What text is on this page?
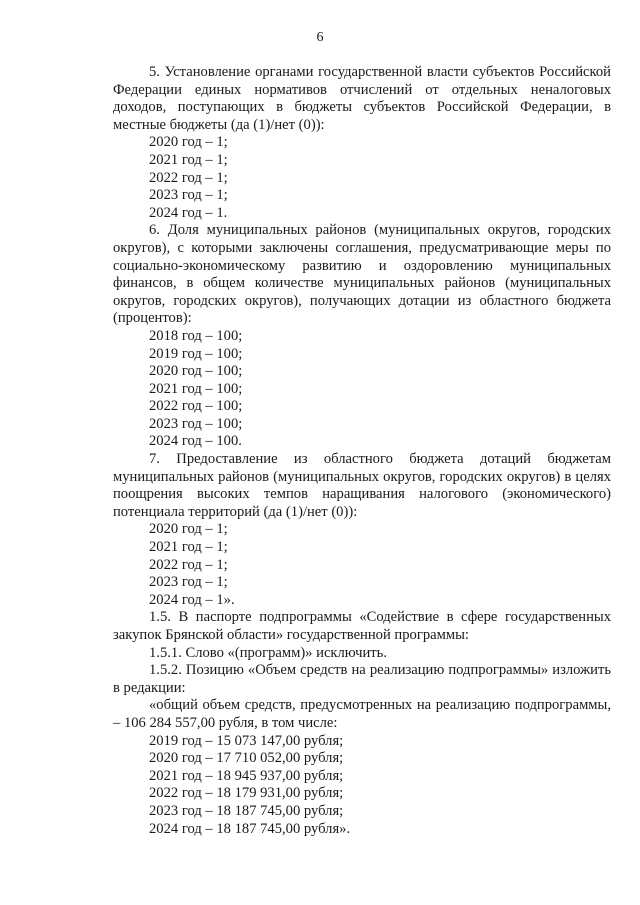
6

5. Установление органами государственной власти субъектов Российской Федерации единых нормативов отчислений от отдельных неналоговых доходов, поступающих в бюджеты субъектов Российской Федерации, в местные бюджеты (да (1)/нет (0)):

2020 год – 1;

2021 год – 1;

2022 год – 1;

2023 год – 1;

2024 год – 1.

6. Доля муниципальных районов (муниципальных округов, городских округов), с которыми заключены соглашения, предусматривающие меры по социально-экономическому развитию и оздоровлению муниципальных финансов, в общем количестве муниципальных районов (муниципальных округов, городских округов), получающих дотации из областного бюджета (процентов):

2018 год – 100;

2019 год – 100;

2020 год – 100;

2021 год – 100;

2022 год – 100;

2023 год – 100;

2024 год – 100.

7. Предоставление из областного бюджета дотаций бюджетам муниципальных районов (муниципальных округов, городских округов) в целях поощрения высоких темпов наращивания налогового (экономического) потенциала территорий (да (1)/нет (0)):

2020 год – 1;

2021 год – 1;

2022 год – 1;

2023 год – 1;

2024 год – 1».

1.5. В паспорте подпрограммы «Содействие в сфере государственных закупок Брянской области» государственной программы:

1.5.1. Слово «(программ)» исключить.

1.5.2. Позицию «Объем средств на реализацию подпрограммы» изложить в редакции:

«общий объем средств, предусмотренных на реализацию подпрограммы, – 106 284 557,00 рубля, в том числе:

2019 год – 15 073 147,00 рубля;

2020 год – 17 710 052,00 рубля;

2021 год – 18 945 937,00 рубля;

2022 год – 18 179 931,00 рубля;

2023 год – 18 187 745,00 рубля;

2024 год – 18 187 745,00 рубля».
